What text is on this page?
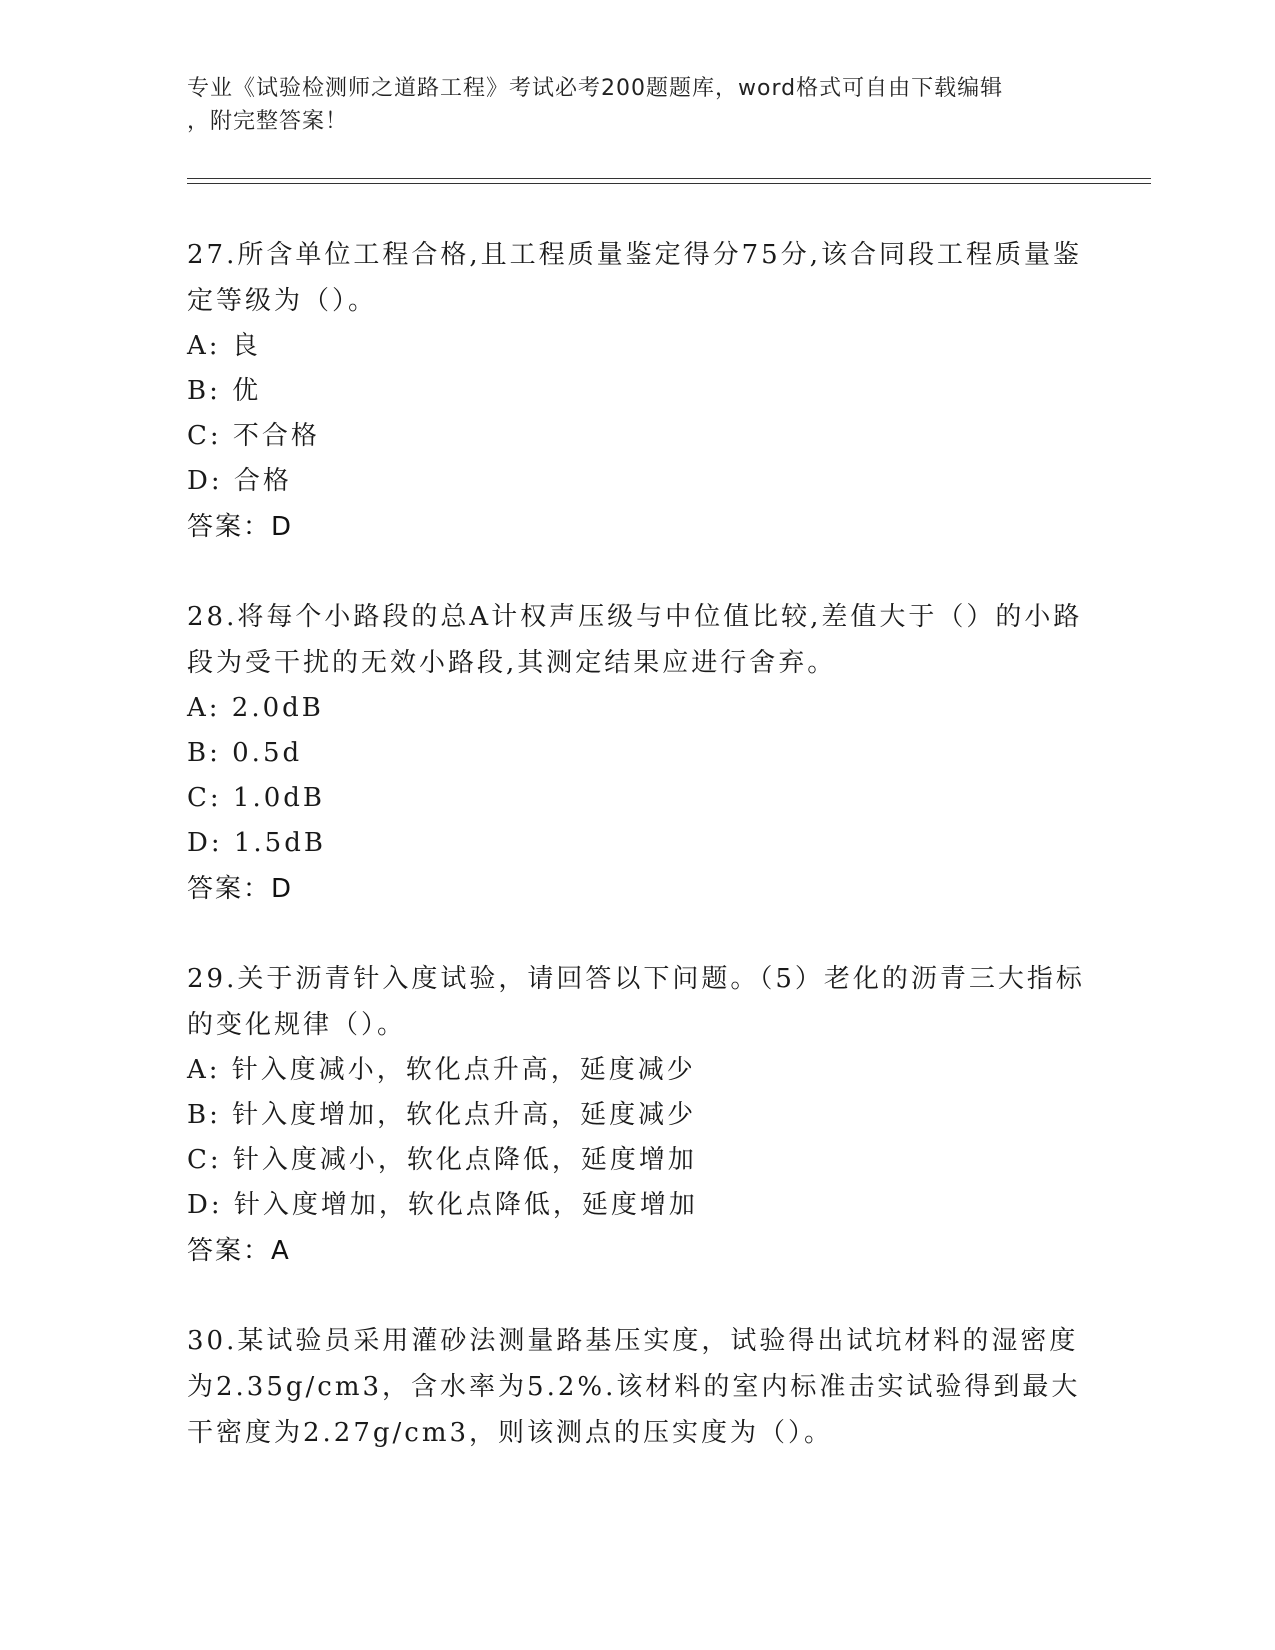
专业《试验检测师之道路工程》考试必考200题题库，word格式可自由下载编辑
，附完整答案！

27.所含单位工程合格,且工程质量鉴定得分75分,该合同段工程质量鉴定等级为（）。

A: 良

B: 优

C: 不合格

D: 合格

答案：D

28.将每个小路段的总A计权声压级与中位值比较,差值大于（）的小路段为受干扰的无效小路段,其测定结果应进行舍弃。

A: 2.0dB

B: 0.5d

C: 1.0dB

D: 1.5dB

答案：D

29.关于沥青针入度试验，请回答以下问题。（5）老化的沥青三大指标的变化规律（）。

A: 针入度减小，软化点升高，延度减少

B: 针入度增加，软化点升高，延度减少

C: 针入度减小，软化点降低，延度增加

D: 针入度增加，软化点降低，延度增加

答案：A

30.某试验员采用灌砂法测量路基压实度，试验得出试坑材料的湿密度为2.35g/cm3，含水率为5.2%.该材料的室内标准击实试验得到最大干密度为2.27g/cm3，则该测点的压实度为（）。
